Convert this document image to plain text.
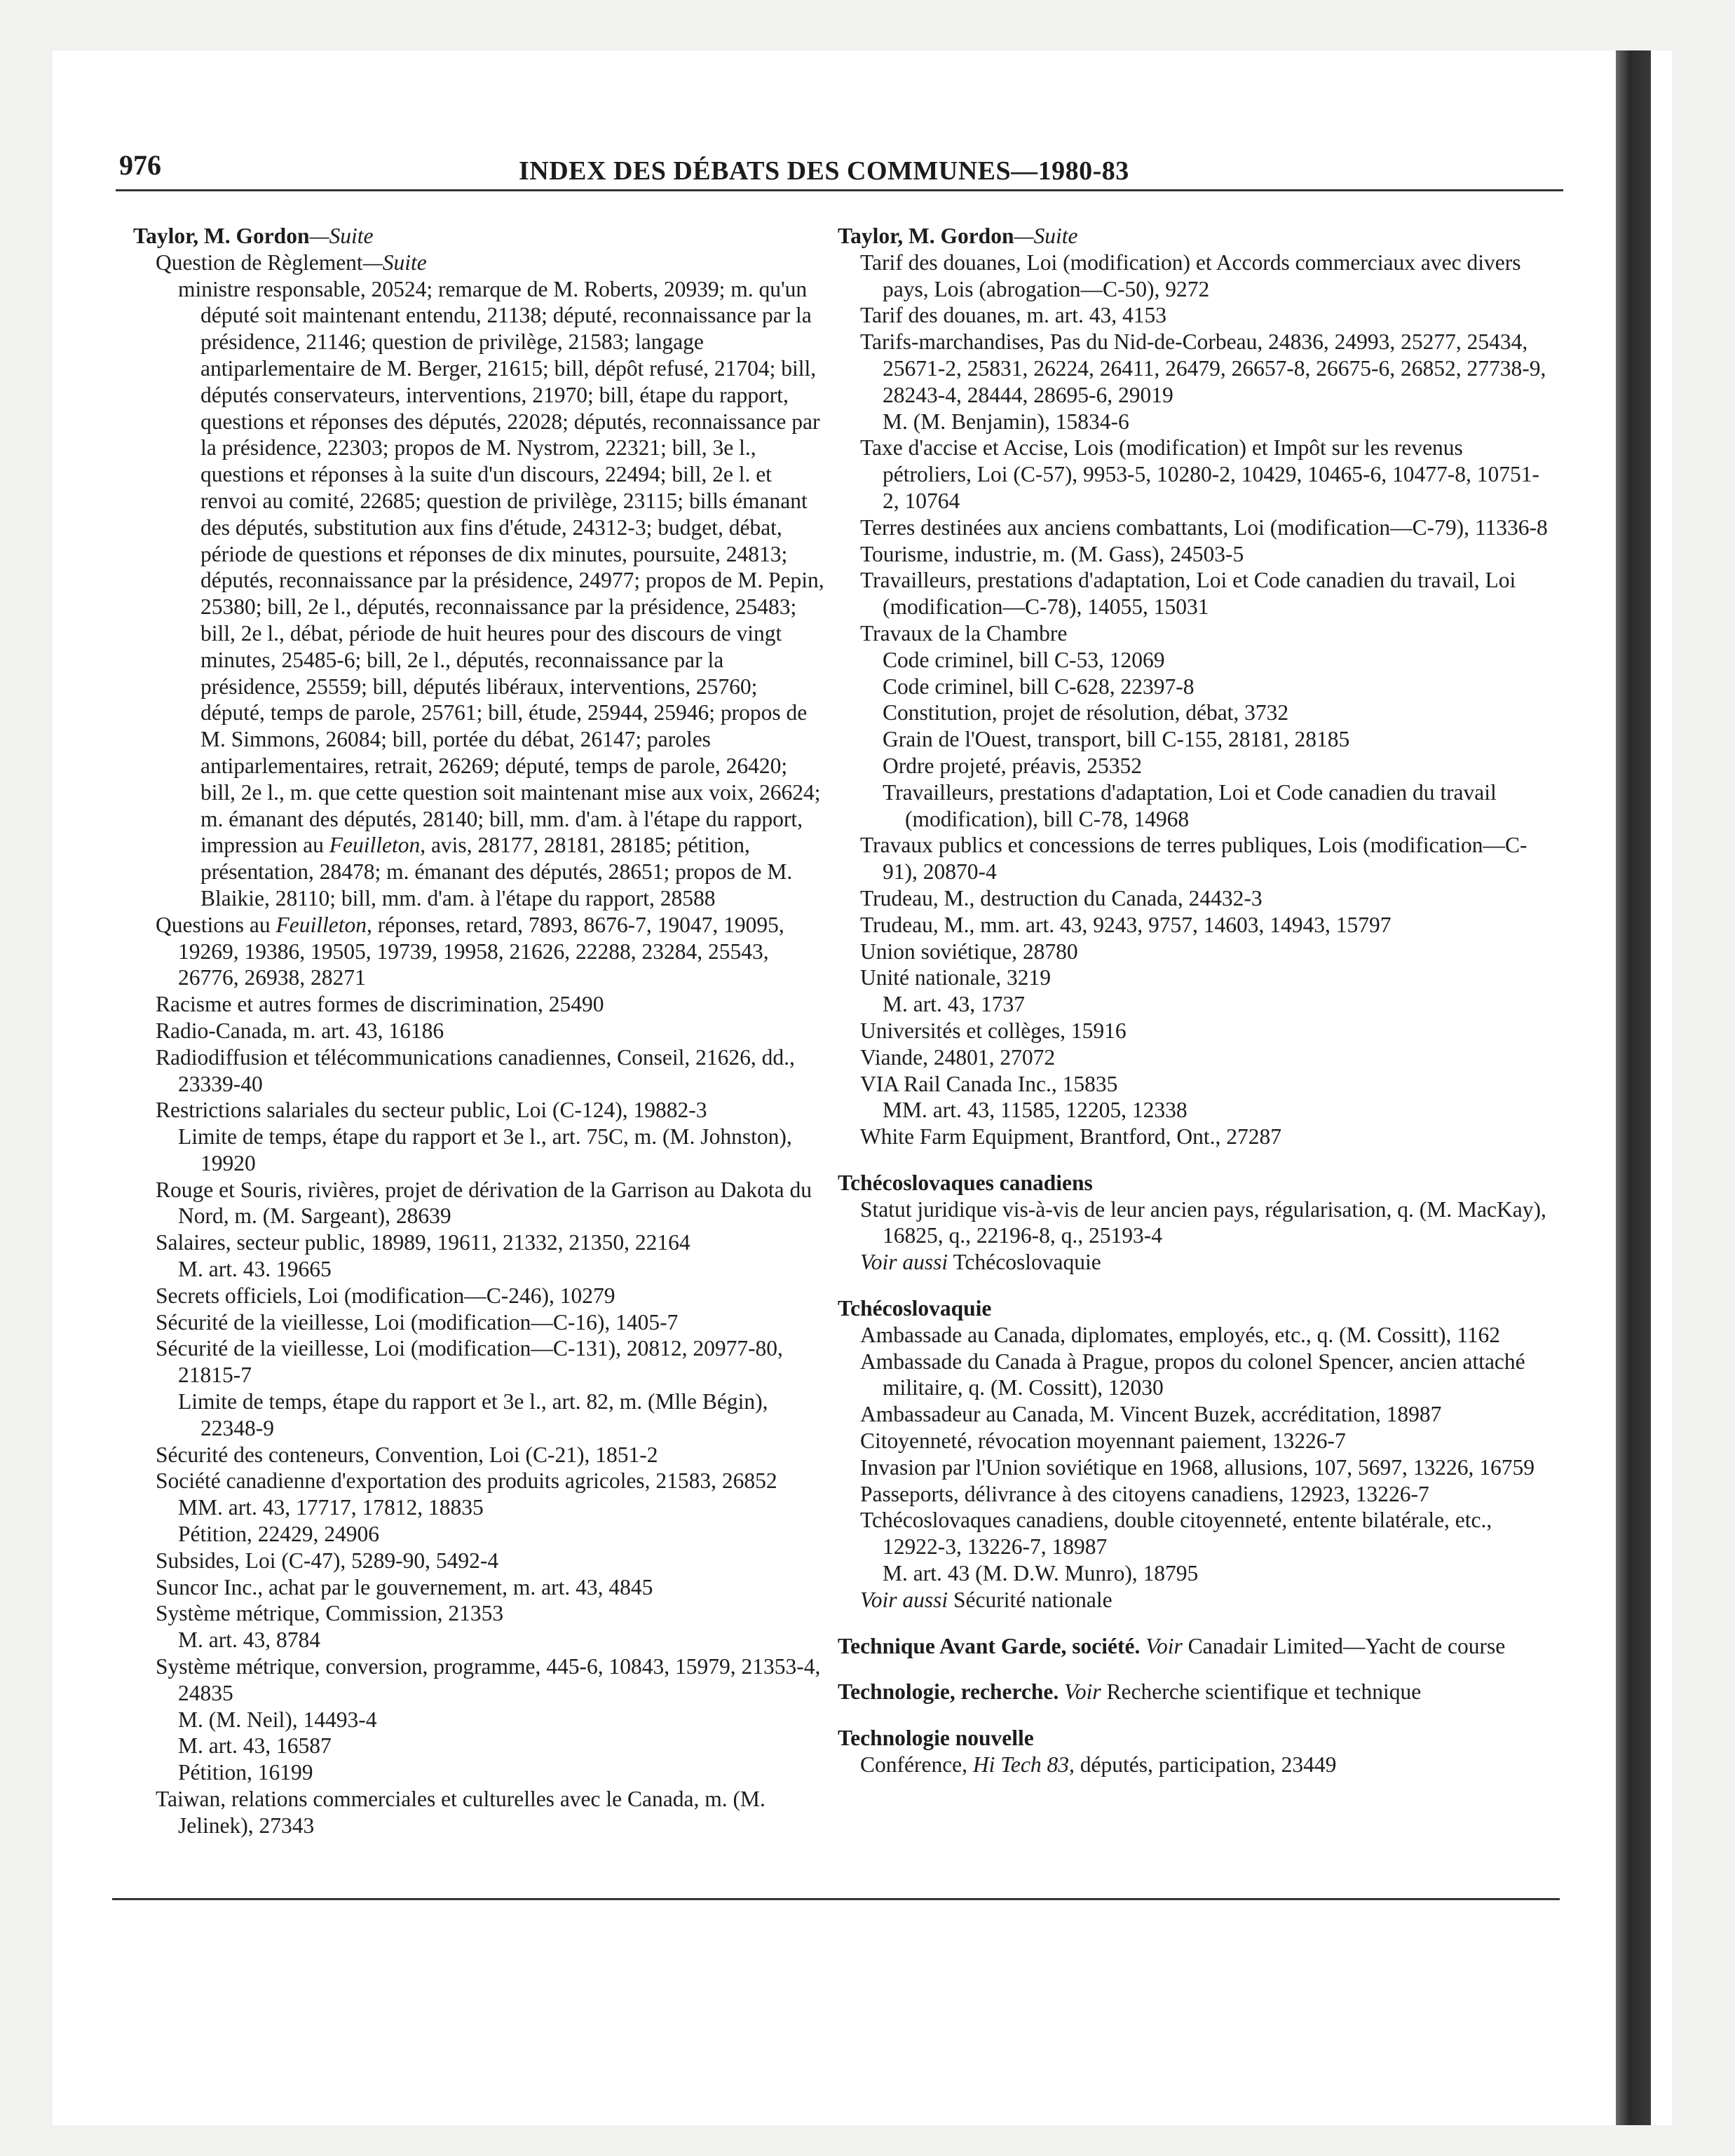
976	INDEX DES DÉBATS DES COMMUNES—1980-83

Taylor, M. Gordon—Suite

Question de Règlement—Suite

ministre responsable, 20524; remarque de M. Roberts, 20939; m. qu'un député soit maintenant entendu, 21138; député, reconnaissance par la présidence, 21146; question de privilège, 21583; langage antiparlementaire de M. Berger, 21615; bill, dépôt refusé, 21704; bill, députés conservateurs, interventions, 21970; bill, étape du rapport, questions et réponses des députés, 22028; députés, reconnaissance par la présidence, 22303; propos de M. Nystrom, 22321; bill, 3e l., questions et réponses à la suite d'un discours, 22494; bill, 2e l. et renvoi au comité, 22685; question de privilège, 23115; bills émanant des députés, substitution aux fins d'étude, 24312-3; budget, débat, période de questions et réponses de dix minutes, poursuite, 24813; députés, reconnaissance par la présidence, 24977; propos de M. Pepin, 25380; bill, 2e l., députés, reconnaissance par la présidence, 25483; bill, 2e l., débat, période de huit heures pour des discours de vingt minutes, 25485-6; bill, 2e l., députés, reconnaissance par la présidence, 25559; bill, députés libéraux, interventions, 25760; député, temps de parole, 25761; bill, étude, 25944, 25946; propos de M. Simmons, 26084; bill, portée du débat, 26147; paroles antiparlementaires, retrait, 26269; député, temps de parole, 26420; bill, 2e l., m. que cette question soit maintenant mise aux voix, 26624; m. émanant des députés, 28140; bill, mm. d'am. à l'étape du rapport, impression au Feuilleton, avis, 28177, 28181, 28185; pétition, présentation, 28478; m. émanant des députés, 28651; propos de M. Blaikie, 28110; bill, mm. d'am. à l'étape du rapport, 28588

Questions au Feuilleton, réponses, retard, 7893, 8676-7, 19047, 19095, 19269, 19386, 19505, 19739, 19958, 21626, 22288, 23284, 25543, 26776, 26938, 28271

Racisme et autres formes de discrimination, 25490

Radio-Canada, m. art. 43, 16186

Radiodiffusion et télécommunications canadiennes, Conseil, 21626, dd., 23339-40

Restrictions salariales du secteur public, Loi (C-124), 19882-3

Limite de temps, étape du rapport et 3e l., art. 75C, m. (M. Johnston), 19920

Rouge et Souris, rivières, projet de dérivation de la Garrison au Dakota du Nord, m. (M. Sargeant), 28639

Salaires, secteur public, 18989, 19611, 21332, 21350, 22164

M. art. 43. 19665

Secrets officiels, Loi (modification—C-246), 10279

Sécurité de la vieillesse, Loi (modification—C-16), 1405-7

Sécurité de la vieillesse, Loi (modification—C-131), 20812, 20977-80, 21815-7

Limite de temps, étape du rapport et 3e l., art. 82, m. (Mlle Bégin), 22348-9

Sécurité des conteneurs, Convention, Loi (C-21), 1851-2

Société canadienne d'exportation des produits agricoles, 21583, 26852

MM. art. 43, 17717, 17812, 18835

Pétition, 22429, 24906

Subsides, Loi (C-47), 5289-90, 5492-4

Suncor Inc., achat par le gouvernement, m. art. 43, 4845

Système métrique, Commission, 21353

M. art. 43, 8784

Système métrique, conversion, programme, 445-6, 10843, 15979, 21353-4, 24835

M. (M. Neil), 14493-4

M. art. 43, 16587

Pétition, 16199

Taiwan, relations commerciales et culturelles avec le Canada, m. (M. Jelinek), 27343

Taylor, M. Gordon—Suite

Tarif des douanes, Loi (modification) et Accords commerciaux avec divers pays, Lois (abrogation—C-50), 9272

Tarif des douanes, m. art. 43, 4153

Tarifs-marchandises, Pas du Nid-de-Corbeau, 24836, 24993, 25277, 25434, 25671-2, 25831, 26224, 26411, 26479, 26657-8, 26675-6, 26852, 27738-9, 28243-4, 28444, 28695-6, 29019

M. (M. Benjamin), 15834-6

Taxe d'accise et Accise, Lois (modification) et Impôt sur les revenus pétroliers, Loi (C-57), 9953-5, 10280-2, 10429, 10465-6, 10477-8, 10751-2, 10764

Terres destinées aux anciens combattants, Loi (modification—C-79), 11336-8

Tourisme, industrie, m. (M. Gass), 24503-5

Travailleurs, prestations d'adaptation, Loi et Code canadien du travail, Loi (modification—C-78), 14055, 15031

Travaux de la Chambre

Code criminel, bill C-53, 12069

Code criminel, bill C-628, 22397-8

Constitution, projet de résolution, débat, 3732

Grain de l'Ouest, transport, bill C-155, 28181, 28185

Ordre projeté, préavis, 25352

Travailleurs, prestations d'adaptation, Loi et Code canadien du travail (modification), bill C-78, 14968

Travaux publics et concessions de terres publiques, Lois (modification—C-91), 20870-4

Trudeau, M., destruction du Canada, 24432-3

Trudeau, M., mm. art. 43, 9243, 9757, 14603, 14943, 15797

Union soviétique, 28780

Unité nationale, 3219

M. art. 43, 1737

Universités et collèges, 15916

Viande, 24801, 27072

VIA Rail Canada Inc., 15835

MM. art. 43, 11585, 12205, 12338

White Farm Equipment, Brantford, Ont., 27287

Tchécoslovaques canadiens

Statut juridique vis-à-vis de leur ancien pays, régularisation, q. (M. MacKay), 16825, q., 22196-8, q., 25193-4

Voir aussi Tchécoslovaquie

Tchécoslovaquie

Ambassade au Canada, diplomates, employés, etc., q. (M. Cossitt), 1162

Ambassade du Canada à Prague, propos du colonel Spencer, ancien attaché militaire, q. (M. Cossitt), 12030

Ambassadeur au Canada, M. Vincent Buzek, accréditation, 18987

Citoyenneté, révocation moyennant paiement, 13226-7

Invasion par l'Union soviétique en 1968, allusions, 107, 5697, 13226, 16759

Passeports, délivrance à des citoyens canadiens, 12923, 13226-7

Tchécoslovaques canadiens, double citoyenneté, entente bilatérale, etc., 12922-3, 13226-7, 18987

M. art. 43 (M. D.W. Munro), 18795

Voir aussi Sécurité nationale

Technique Avant Garde, société. Voir Canadair Limited—Yacht de course

Technologie, recherche. Voir Recherche scientifique et technique

Technologie nouvelle

Conférence, Hi Tech 83, députés, participation, 23449
